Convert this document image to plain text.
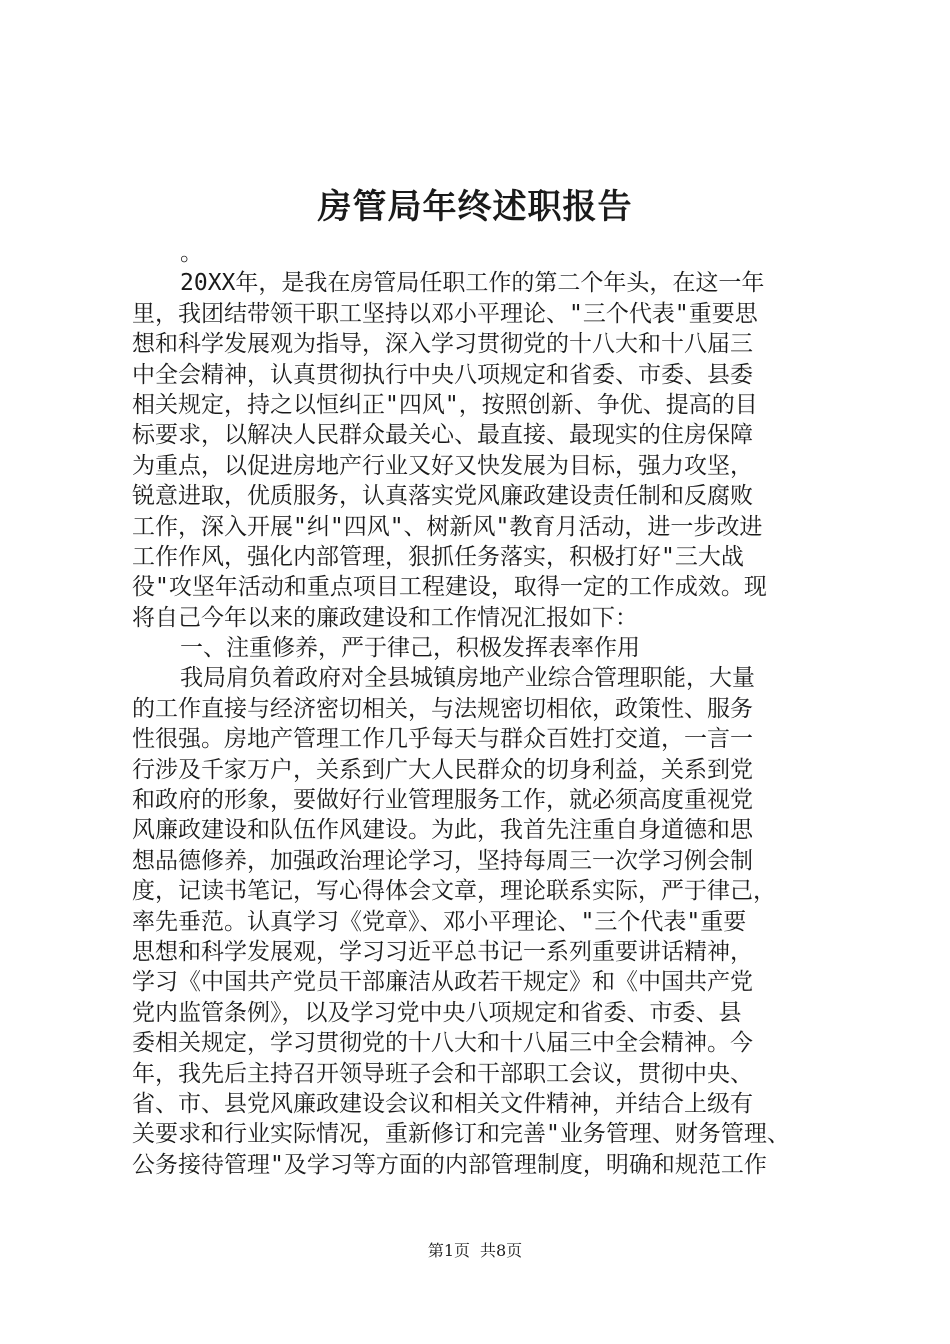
房管局年终述职报告
。
20XX年，是我在房管局任职工作的第二个年头，在这一年
里，我团结带领干职工坚持以邓小平理论、"三个代表"重要思
想和科学发展观为指导，深入学习贯彻党的十八大和十八届三
中全会精神，认真贯彻执行中央八项规定和省委、市委、县委
相关规定，持之以恒纠正"四风"，按照创新、争优、提高的目
标要求，以解决人民群众最关心、最直接、最现实的住房保障
为重点，以促进房地产行业又好又快发展为目标，强力攻坚，
锐意进取，优质服务，认真落实党风廉政建设责任制和反腐败
工作，深入开展"纠"四风"、树新风"教育月活动，进一步改进
工作作风，强化内部管理，狠抓任务落实，积极打好"三大战
役"攻坚年活动和重点项目工程建设，取得一定的工作成效。现
将自己今年以来的廉政建设和工作情况汇报如下：
一、注重修养，严于律己，积极发挥表率作用
我局肩负着政府对全县城镇房地产业综合管理职能，大量
的工作直接与经济密切相关，与法规密切相依，政策性、服务
性很强。房地产管理工作几乎每天与群众百姓打交道，一言一
行涉及千家万户，关系到广大人民群众的切身利益，关系到党
和政府的形象，要做好行业管理服务工作，就必须高度重视党
风廉政建设和队伍作风建设。为此，我首先注重自身道德和思
想品德修养，加强政治理论学习，坚持每周三一次学习例会制
度，记读书笔记，写心得体会文章，理论联系实际，严于律己，
率先垂范。认真学习《党章》、邓小平理论、"三个代表"重要
思想和科学发展观，学习习近平总书记一系列重要讲话精神，
学习《中国共产党员干部廉洁从政若干规定》和《中国共产党
党内监管条例》，以及学习党中央八项规定和省委、市委、县
委相关规定，学习贯彻党的十八大和十八届三中全会精神。今
年，我先后主持召开领导班子会和干部职工会议，贯彻中央、
省、市、县党风廉政建设会议和相关文件精神，并结合上级有
关要求和行业实际情况，重新修订和完善"业务管理、财务管理、
公务接待管理"及学习等方面的内部管理制度，明确和规范工作
第1页 共8页
